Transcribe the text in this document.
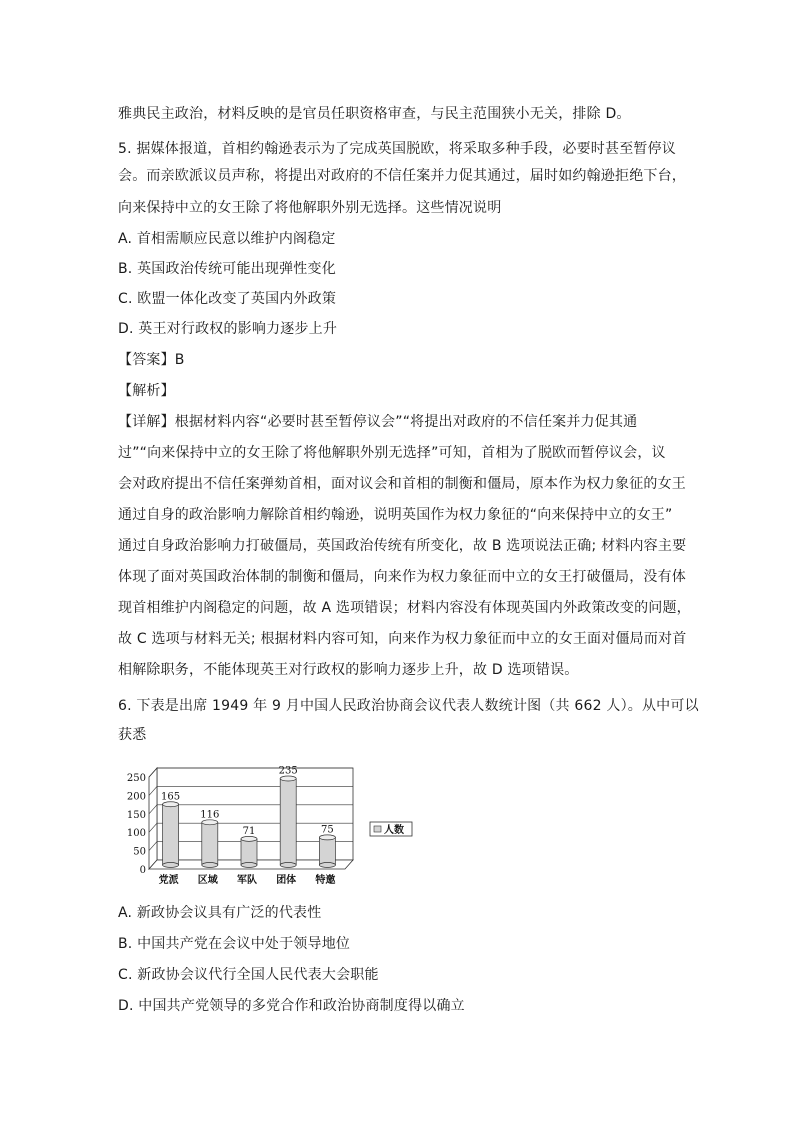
雅典民主政治，材料反映的是官员任职资格审查，与民主范围狭小无关，排除 D。
5. 据媒体报道，首相约翰逊表示为了完成英国脱欧，将采取多种手段，必要时甚至暂停议
会。而亲欧派议员声称，将提出对政府的不信任案并力促其通过，届时如约翰逊拒绝下台，
向来保持中立的女王除了将他解职外别无选择。这些情况说明
A. 首相需顺应民意以维护内阁稳定
B. 英国政治传统可能出现弹性变化
C. 欧盟一体化改变了英国内外政策
D. 英王对行政权的影响力逐步上升
【答案】B
【解析】
【详解】根据材料内容“必要时甚至暂停议会”“将提出对政府的不信任案并力促其通
过”“向来保持中立的女王除了将他解职外别无选择”可知，首相为了脱欧而暂停议会，议
会对政府提出不信任案弹劾首相，面对议会和首相的制衡和僵局，原本作为权力象征的女王
通过自身的政治影响力解除首相约翰逊，说明英国作为权力象征的“向来保持中立的女王”
通过自身政治影响力打破僵局，英国政治传统有所变化，故 B 选项说法正确; 材料内容主要
体现了面对英国政治体制的制衡和僵局，向来作为权力象征而中立的女王打破僵局，没有体
现首相维护内阁稳定的问题，故 A 选项错误；材料内容没有体现英国内外政策改变的问题，
故 C 选项与材料无关; 根据材料内容可知，向来作为权力象征而中立的女王面对僵局而对首
相解除职务，不能体现英王对行政权的影响力逐步上升，故 D 选项错误。
6. 下表是出席 1949 年 9 月中国人民政治协商会议代表人数统计图（共 662 人）。从中可以
获悉
0
50
100
150
200
250
165
党派
116
区域
71
军队
235
团体
75
特邀
人数
A. 新政协会议具有广泛的代表性
B. 中国共产党在会议中处于领导地位
C. 新政协会议代行全国人民代表大会职能
D. 中国共产党领导的多党合作和政治协商制度得以确立
